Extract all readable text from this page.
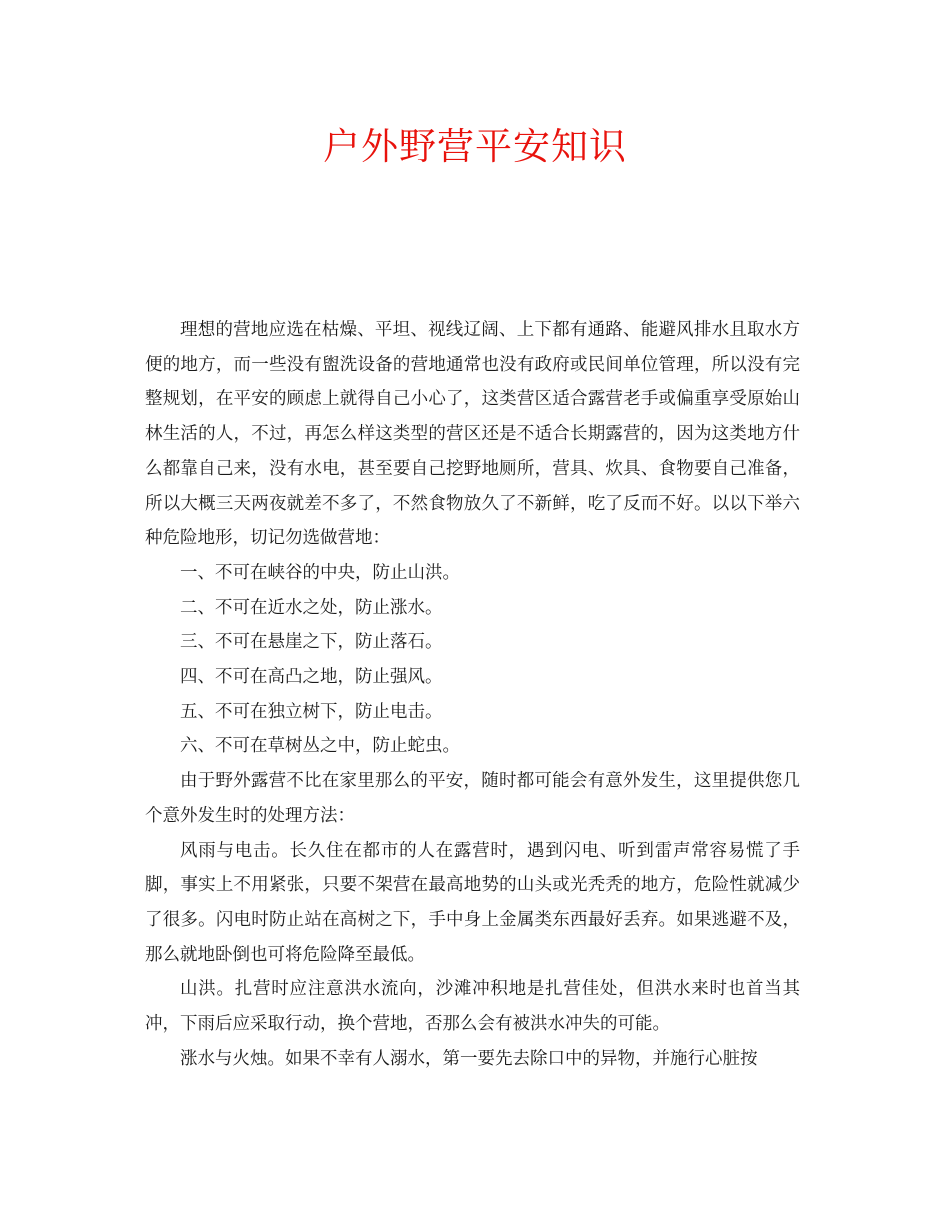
户外野营平安知识

理想的营地应选在枯燥、平坦、视线辽阔、上下都有通路、能避风排水且取水方便的地方，而一些没有盥洗设备的营地通常也没有政府或民间单位管理，所以没有完整规划，在平安的顾虑上就得自己小心了，这类营区适合露营老手或偏重享受原始山林生活的人，不过，再怎么样这类型的营区还是不适合长期露营的，因为这类地方什么都靠自己来，没有水电，甚至要自己挖野地厕所，营具、炊具、食物要自己准备，所以大概三天两夜就差不多了，不然食物放久了不新鲜，吃了反而不好。以以下举六种危险地形，切记勿选做营地：

一、不可在峡谷的中央，防止山洪。

二、不可在近水之处，防止涨水。

三、不可在悬崖之下，防止落石。

四、不可在高凸之地，防止强风。

五、不可在独立树下，防止电击。

六、不可在草树丛之中，防止蛇虫。

由于野外露营不比在家里那么的平安，随时都可能会有意外发生，这里提供您几个意外发生时的处理方法：

风雨与电击。长久住在都市的人在露营时，遇到闪电、听到雷声常容易慌了手脚，事实上不用紧张，只要不架营在最高地势的山头或光秃秃的地方，危险性就减少了很多。闪电时防止站在高树之下，手中身上金属类东西最好丢弃。如果逃避不及，那么就地卧倒也可将危险降至最低。

山洪。扎营时应注意洪水流向，沙滩冲积地是扎营佳处，但洪水来时也首当其冲，下雨后应采取行动，换个营地，否那么会有被洪水冲失的可能。

涨水与火烛。如果不幸有人溺水，第一要先去除口中的异物，并施行心脏按
